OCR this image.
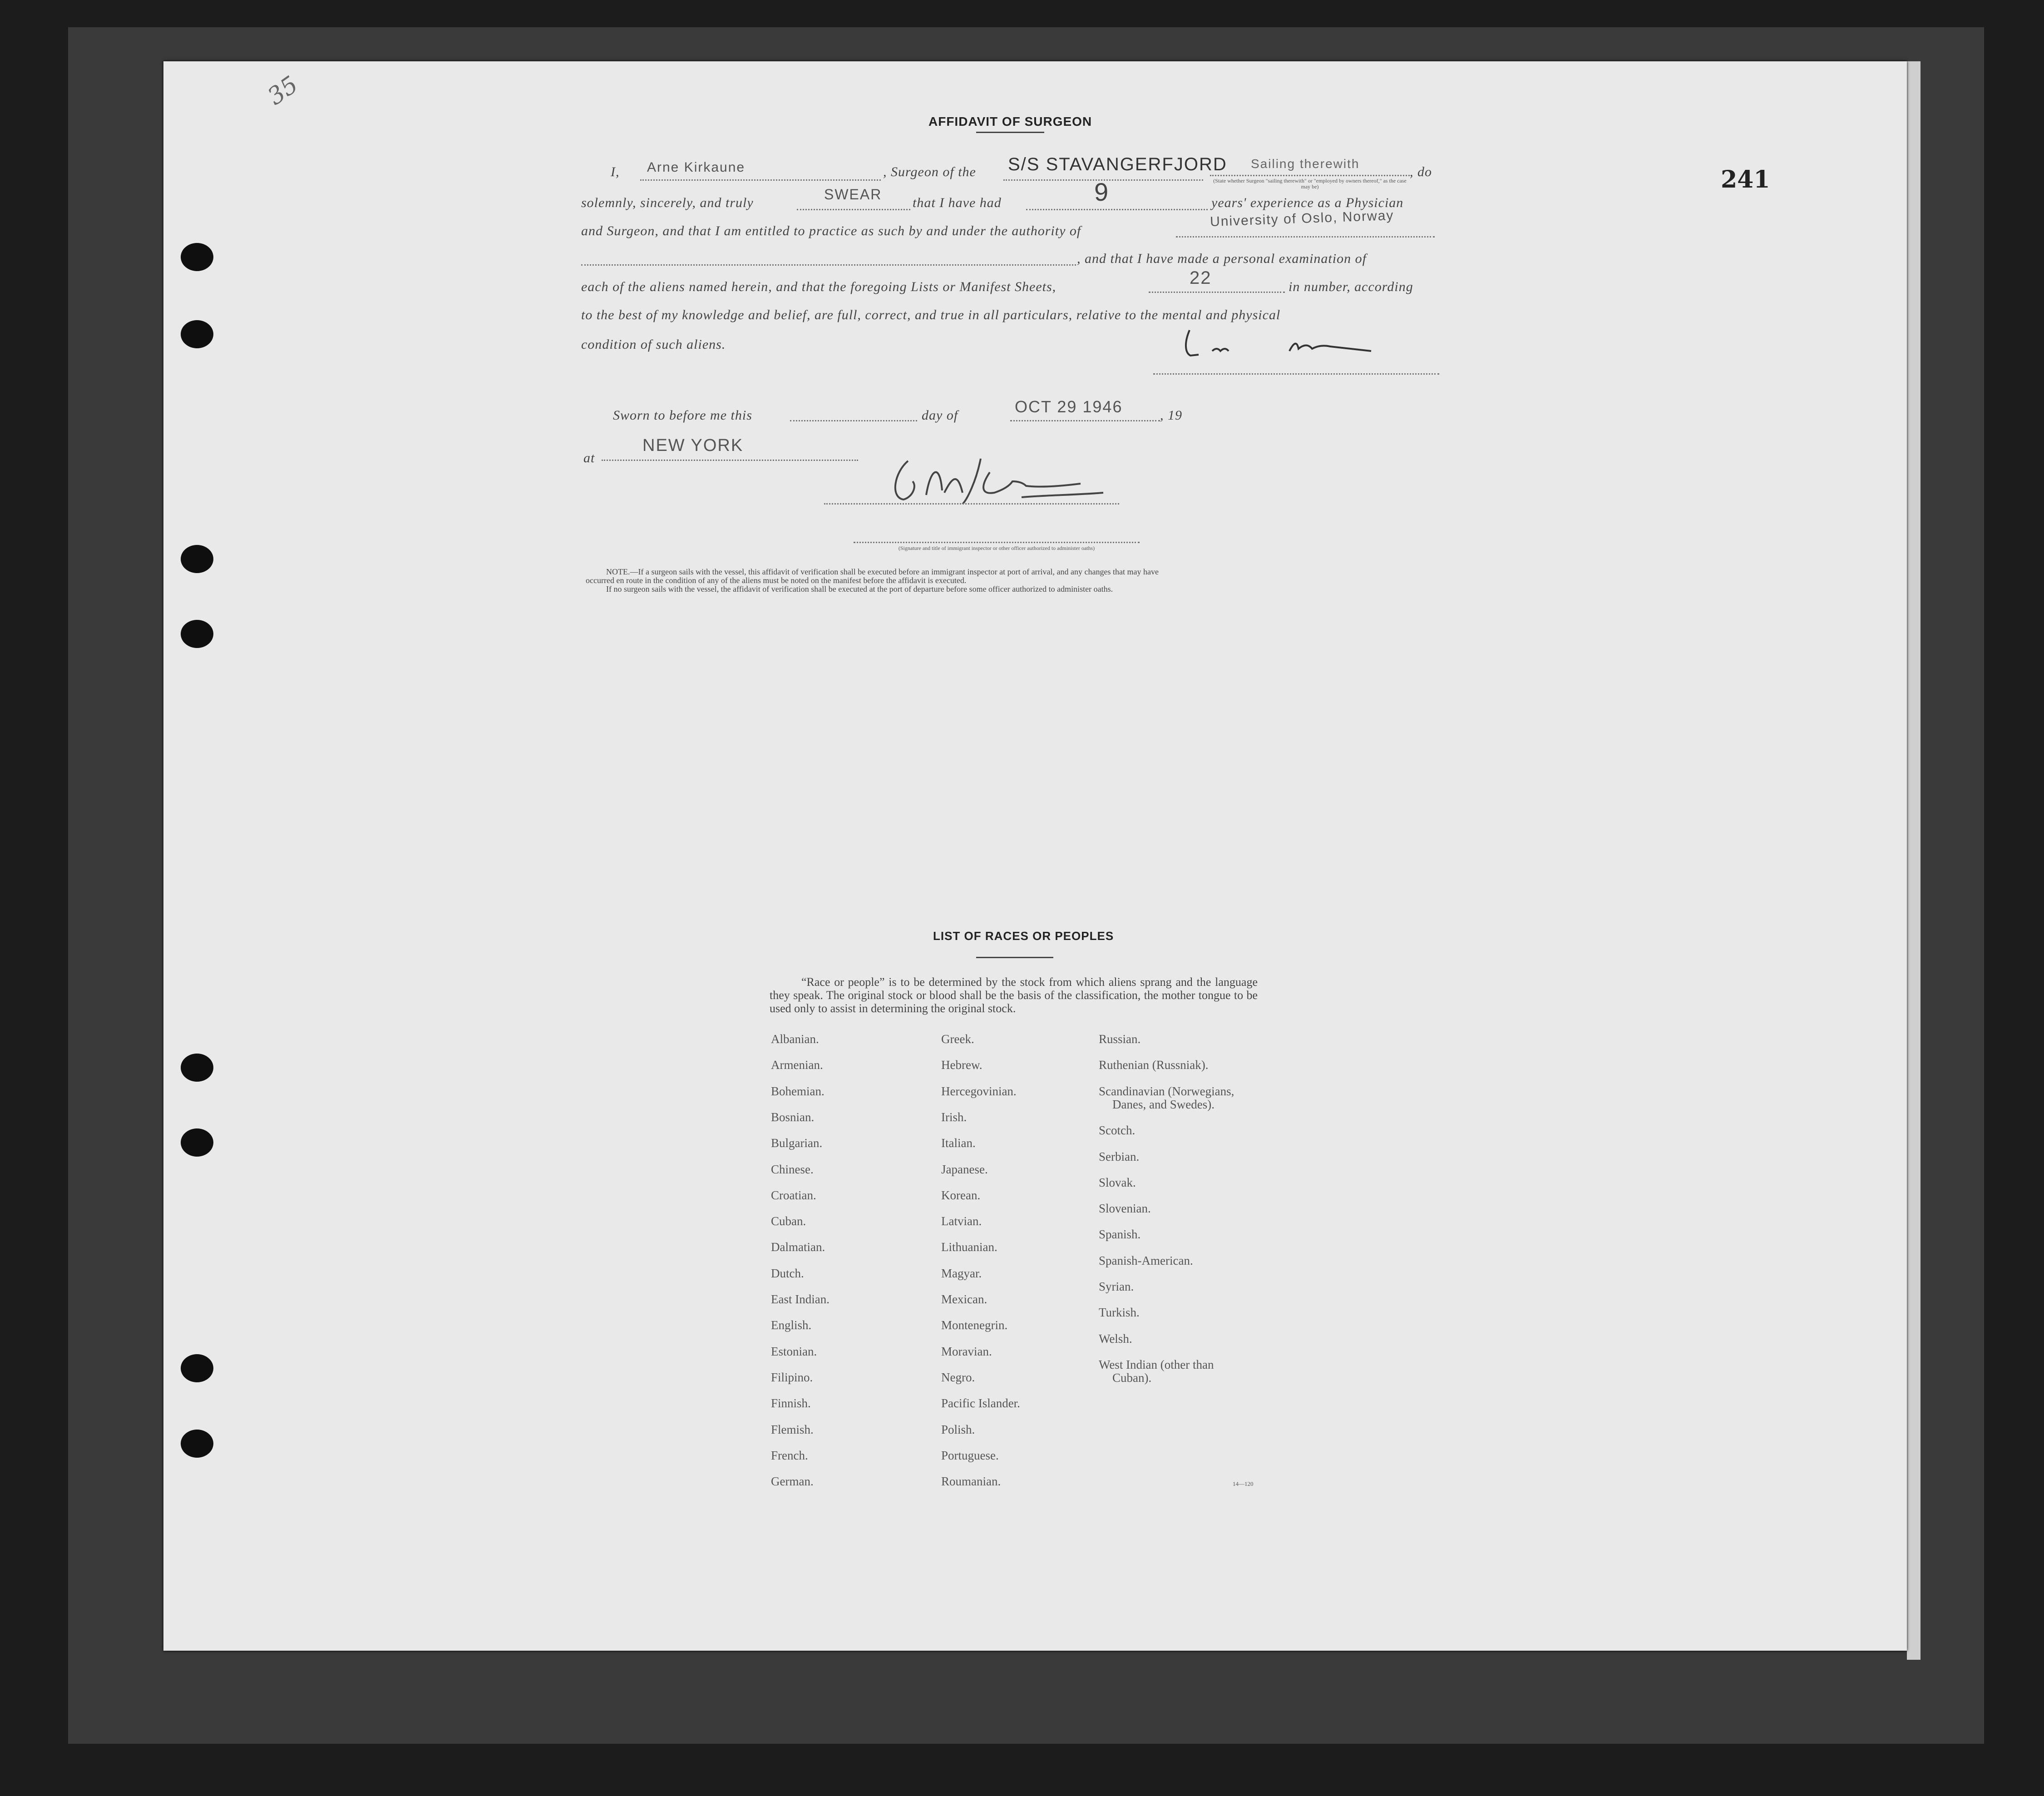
35
241
AFFIDAVIT OF SURGEON
I, Arne Kirkaune	, Surgeon of the S/S STAVANGERFJORD Sailing therewith
(State whether Surgeon "sailing therewith" or "employed by owners thereof," as the case may be)
, do
solemnly, sincerely, and truly
SWEAR
that I have had	9	years' experience as a Physician
and Surgeon, and that I am entitled to practice as such by and under the authority of
University of Oslo, Norway
, and that I have made a personal examination of
each of the aliens named herein, and that the foregoing Lists or Manifest Sheets,	22	in number, according
to the best of my knowledge and belief, are full, correct, and true in all particulars, relative to the mental and physical
condition of such aliens.
Sworn to before me this	day of	OCT 29 1946	, 19
at
NEW YORK
(Signature and title of immigrant inspector or other officer authorized to administer oaths)
NOTE.—If a surgeon sails with the vessel, this affidavit of verification shall be executed before an immigrant inspector at port of arrival, and any changes that may have
occurred en route in the condition of any of the aliens must be noted on the manifest before the affidavit is executed.
If no surgeon sails with the vessel, the affidavit of verification shall be executed at the port of departure before some officer authorized to administer oaths.
LIST OF RACES OR PEOPLES
“Race or people” is to be determined by the stock from which aliens sprang and the language they speak. The original stock or blood shall be the basis of the classification, the mother tongue to be used only to assist in determining the original stock.
Albanian.
Armenian.
Bohemian.
Bosnian.
Bulgarian.
Chinese.
Croatian.
Cuban.
Dalmatian.
Dutch.
East Indian.
English.
Estonian.
Filipino.
Finnish.
Flemish.
French.
German.
Greek.
Hebrew.
Hercegovinian.
Irish.
Italian.
Japanese.
Korean.
Latvian.
Lithuanian.
Magyar.
Mexican.
Montenegrin.
Moravian.
Negro.
Pacific Islander.
Polish.
Portuguese.
Roumanian.
Russian.
Ruthenian (Russniak).
Scandinavian (Norwegians,
Danes, and Swedes).
Scotch.
Serbian.
Slovak.
Slovenian.
Spanish.
Spanish-American.
Syrian.
Turkish.
Welsh.
West Indian (other than
Cuban).
14—120
